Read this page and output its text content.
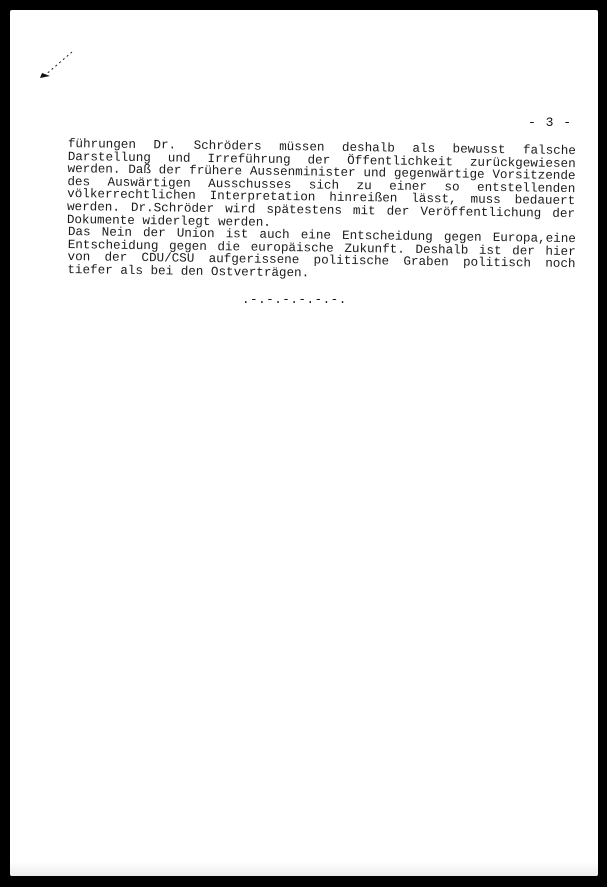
- 3 -

führungen Dr. Schröders müssen deshalb als bewusst falsche Darstellung und Irreführung der Öffentlichkeit zurückgewiesen werden. Daß der frühere Aussenminister und gegenwärtige Vorsitzende des Auswärtigen Ausschusses sich zu einer so entstellenden völkerrechtlichen Interpretation hinreißen lässt, muss bedauert werden. Dr.Schröder wird spätestens mit der Veröffentlichung der Dokumente widerlegt werden.

Das Nein der Union ist auch eine Entscheidung gegen Europa,eine Entscheidung gegen die europäische Zukunft. Deshalb ist der hier von der CDU/CSU aufgerissene politische Graben politisch noch tiefer als bei den Ostverträgen.

.-.-.-.-.-.-.
